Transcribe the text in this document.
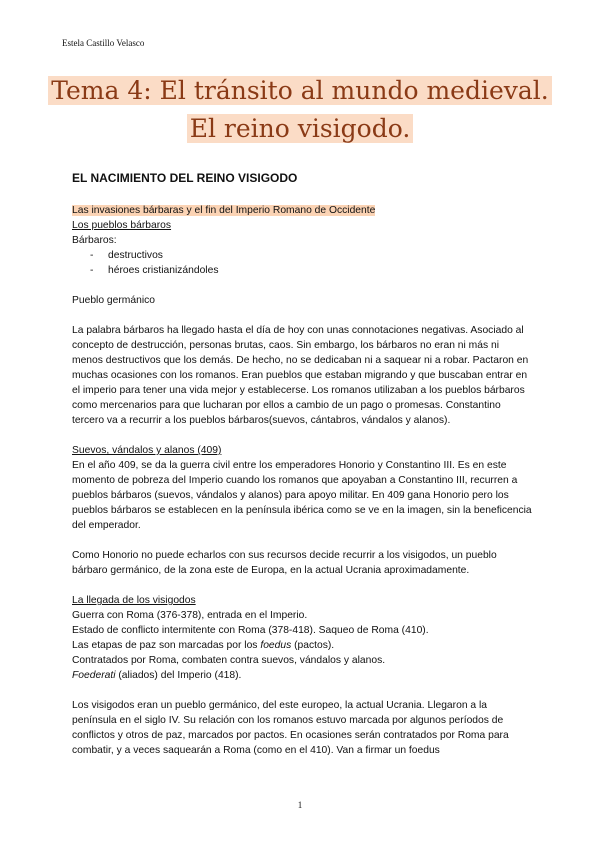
Estela Castillo Velasco
Tema 4: El tránsito al mundo medieval.
El reino visigodo.
EL NACIMIENTO DEL REINO VISIGODO
Las invasiones bárbaras y el fin del Imperio Romano de Occidente
Los pueblos bárbaros
Bárbaros:
- destructivos
- héroes cristianizándoles

Pueblo germánico

La palabra bárbaros ha llegado hasta el día de hoy con unas connotaciones negativas. Asociado al concepto de destrucción, personas brutas, caos. Sin embargo, los bárbaros no eran ni más ni menos destructivos que los demás. De hecho, no se dedicaban ni a saquear ni a robar. Pactaron en muchas ocasiones con los romanos. Eran pueblos que estaban migrando y que buscaban entrar en el imperio para tener una vida mejor y establecerse. Los romanos utilizaban a los pueblos bárbaros como mercenarios para que lucharan por ellos a cambio de un pago o promesas. Constantino tercero va a recurrir a los pueblos bárbaros(suevos, cántabros, vándalos y alanos).

Suevos, vándalos y alanos (409)

En el año 409, se da la guerra civil entre los emperadores Honorio y Constantino III. Es en este momento de pobreza del Imperio cuando los romanos que apoyaban a Constantino III, recurren a pueblos bárbaros (suevos, vándalos y alanos) para apoyo militar. En 409 gana Honorio pero los pueblos bárbaros se establecen en la península ibérica como se ve en la imagen, sin la beneficencia del emperador.

Como Honorio no puede echarlos con sus recursos decide recurrir a los visigodos, un pueblo bárbaro germánico, de la zona este de Europa, en la actual Ucrania aproximadamente.

La llegada de los visigodos
Guerra con Roma (376-378), entrada en el Imperio.
Estado de conflicto intermitente con Roma (378-418). Saqueo de Roma (410).
Las etapas de paz son marcadas por los foedus (pactos).
Contratados por Roma, combaten contra suevos, vándalos y alanos.
Foederati (aliados) del Imperio (418).

Los visigodos eran un pueblo germánico, del este europeo, la actual Ucrania. Llegaron a la península en el siglo IV. Su relación con los romanos estuvo marcada por algunos períodos de conflictos y otros de paz, marcados por pactos. En ocasiones serán contratados por Roma para combatir, y a veces saquearán a Roma (como en el 410). Van a firmar un foedus

1
